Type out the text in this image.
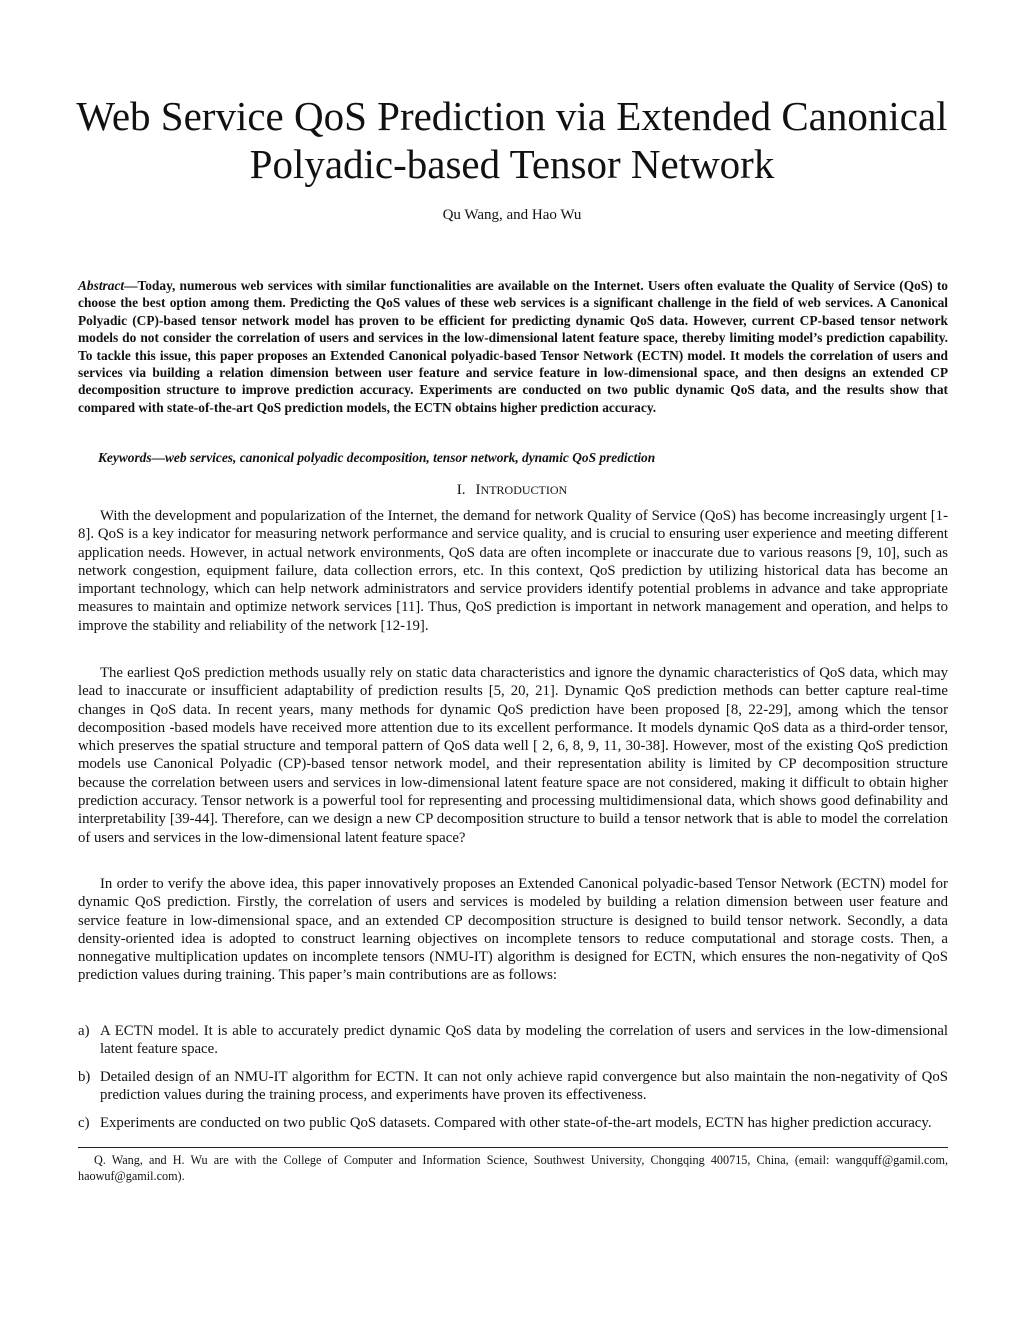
Web Service QoS Prediction via Extended Canonical
Polyadic-based Tensor Network

Qu Wang, and Hao Wu

Abstract—Today, numerous web services with similar functionalities are available on the Internet. Users often evaluate the Quality of Service (QoS) to choose the best option among them. Predicting the QoS values of these web services is a significant challenge in the field of web services. A Canonical Polyadic (CP)-based tensor network model has proven to be efficient for predicting dynamic QoS data. However, current CP-based tensor network models do not consider the correlation of users and services in the low-dimensional latent feature space, thereby limiting model’s prediction capability. To tackle this issue, this paper proposes an Extended Canonical polyadic-based Tensor Network (ECTN) model. It models the correlation of users and services via building a relation dimension between user feature and service feature in low-dimensional space, and then designs an extended CP decomposition structure to improve prediction accuracy. Experiments are conducted on two public dynamic QoS data, and the results show that compared with state-of-the-art QoS prediction models, the ECTN obtains higher prediction accuracy.

Keywords—web services, canonical polyadic decomposition, tensor network, dynamic QoS prediction

I. INTRODUCTION

With the development and popularization of the Internet, the demand for network Quality of Service (QoS) has become increasingly urgent [1-8]. QoS is a key indicator for measuring network performance and service quality, and is crucial to ensuring user experience and meeting different application needs. However, in actual network environments, QoS data are often incomplete or inaccurate due to various reasons [9, 10], such as network congestion, equipment failure, data collection errors, etc. In this context, QoS prediction by utilizing historical data has become an important technology, which can help network administrators and service providers identify potential problems in advance and take appropriate measures to maintain and optimize network services [11]. Thus, QoS prediction is important in network management and operation, and helps to improve the stability and reliability of the network [12-19].

The earliest QoS prediction methods usually rely on static data characteristics and ignore the dynamic characteristics of QoS data, which may lead to inaccurate or insufficient adaptability of prediction results [5, 20, 21]. Dynamic QoS prediction methods can better capture real-time changes in QoS data. In recent years, many methods for dynamic QoS prediction have been proposed [8, 22-29], among which the tensor decomposition -based models have received more attention due to its excellent performance. It models dynamic QoS data as a third-order tensor, which preserves the spatial structure and temporal pattern of QoS data well [ 2, 6, 8, 9, 11, 30-38]. However, most of the existing QoS prediction models use Canonical Polyadic (CP)-based tensor network model, and their representation ability is limited by CP decomposition structure because the correlation between users and services in low-dimensional latent feature space are not considered, making it difficult to obtain higher prediction accuracy. Tensor network is a powerful tool for representing and processing multidimensional data, which shows good definability and interpretability [39-44]. Therefore, can we design a new CP decomposition structure to build a tensor network that is able to model the correlation of users and services in the low-dimensional latent feature space?

In order to verify the above idea, this paper innovatively proposes an Extended Canonical polyadic-based Tensor Network (ECTN) model for dynamic QoS prediction. Firstly, the correlation of users and services is modeled by building a relation dimension between user feature and service feature in low-dimensional space, and an extended CP decomposition structure is designed to build tensor network. Secondly, a data density-oriented idea is adopted to construct learning objectives on incomplete tensors to reduce computational and storage costs. Then, a nonnegative multiplication updates on incomplete tensors (NMU-IT) algorithm is designed for ECTN, which ensures the non-negativity of QoS prediction values during training. This paper’s main contributions are as follows:

a) A ECTN model. It is able to accurately predict dynamic QoS data by modeling the correlation of users and services in the low-dimensional latent feature space.
b) Detailed design of an NMU-IT algorithm for ECTN. It can not only achieve rapid convergence but also maintain the non-negativity of QoS prediction values during the training process, and experiments have proven its effectiveness.
c) Experiments are conducted on two public QoS datasets. Compared with other state-of-the-art models, ECTN has higher prediction accuracy.

Q. Wang, and H. Wu are with the College of Computer and Information Science, Southwest University, Chongqing 400715, China, (email: wangquff@gamil.com, haowuf@gamil.com).
